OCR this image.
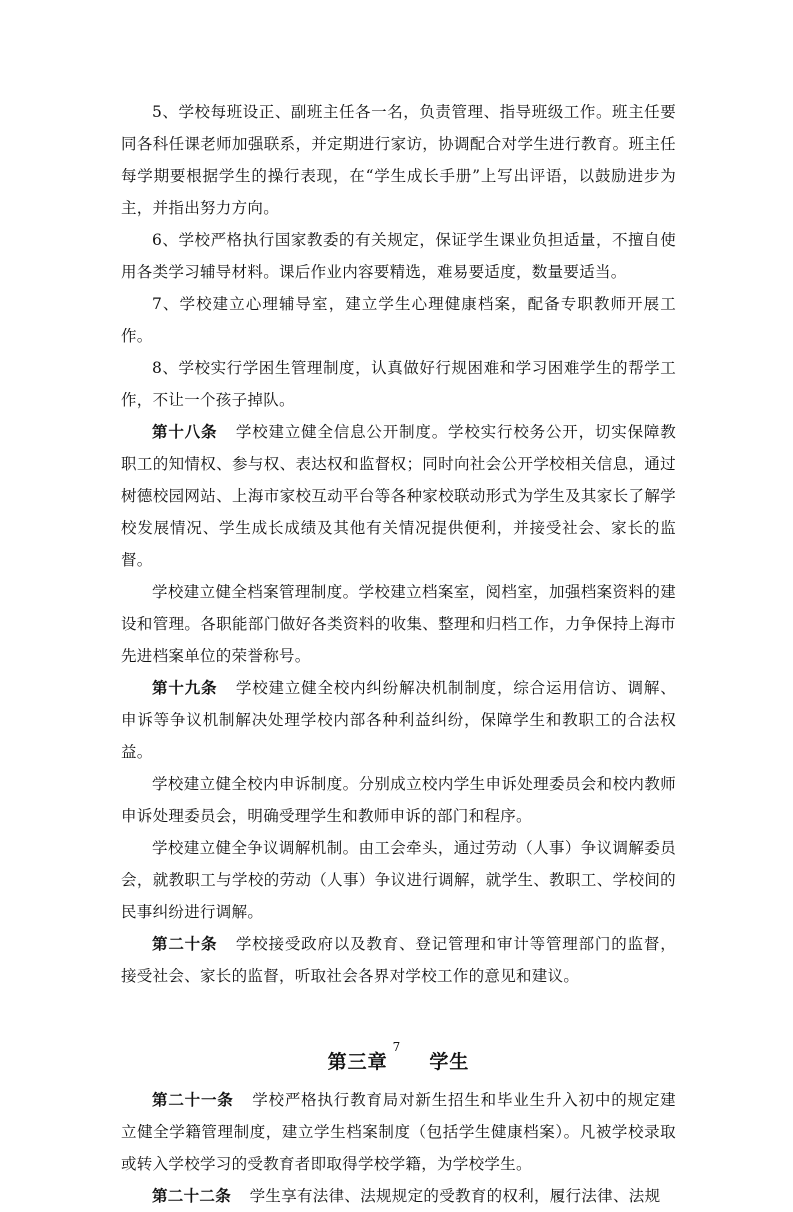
5、学校每班设正、副班主任各一名，负责管理、指导班级工作。班主任要同各科任课老师加强联系，并定期进行家访，协调配合对学生进行教育。班主任每学期要根据学生的操行表现，在“学生成长手册”上写出评语，以鼓励进步为主，并指出努力方向。

6、学校严格执行国家教委的有关规定，保证学生课业负担适量，不擅自使用各类学习辅导材料。课后作业内容要精选，难易要适度，数量要适当。

7、学校建立心理辅导室，建立学生心理健康档案，配备专职教师开展工作。

8、学校实行学困生管理制度，认真做好行规困难和学习困难学生的帮学工作，不让一个孩子掉队。

第十八条 学校建立健全信息公开制度。学校实行校务公开，切实保障教职工的知情权、参与权、表达权和监督权；同时向社会公开学校相关信息，通过树德校园网站、上海市家校互动平台等各种家校联动形式为学生及其家长了解学校发展情况、学生成长成绩及其他有关情况提供便利，并接受社会、家长的监督。

学校建立健全档案管理制度。学校建立档案室，阅档室，加强档案资料的建设和管理。各职能部门做好各类资料的收集、整理和归档工作，力争保持上海市先进档案单位的荣誉称号。

第十九条 学校建立健全校内纠纷解决机制制度，综合运用信访、调解、申诉等争议机制解决处理学校内部各种利益纠纷，保障学生和教职工的合法权益。

学校建立健全校内申诉制度。分别成立校内学生申诉处理委员会和校内教师申诉处理委员会，明确受理学生和教师申诉的部门和程序。

学校建立健全争议调解机制。由工会牵头，通过劳动（人事）争议调解委员会，就教职工与学校的劳动（人事）争议进行调解，就学生、教职工、学校间的民事纠纷进行调解。

第二十条 学校接受政府以及教育、登记管理和审计等管理部门的监督，接受社会、家长的监督，听取社会各界对学校工作的意见和建议。

第三章 学生

第二十一条 学校严格执行教育局对新生招生和毕业生升入初中的规定建立健全学籍管理制度，建立学生档案制度（包括学生健康档案）。凡被学校录取或转入学校学习的受教育者即取得学校学籍，为学校学生。

第二十二条 学生享有法律、法规规定的受教育的权利，履行法律、法规

7
